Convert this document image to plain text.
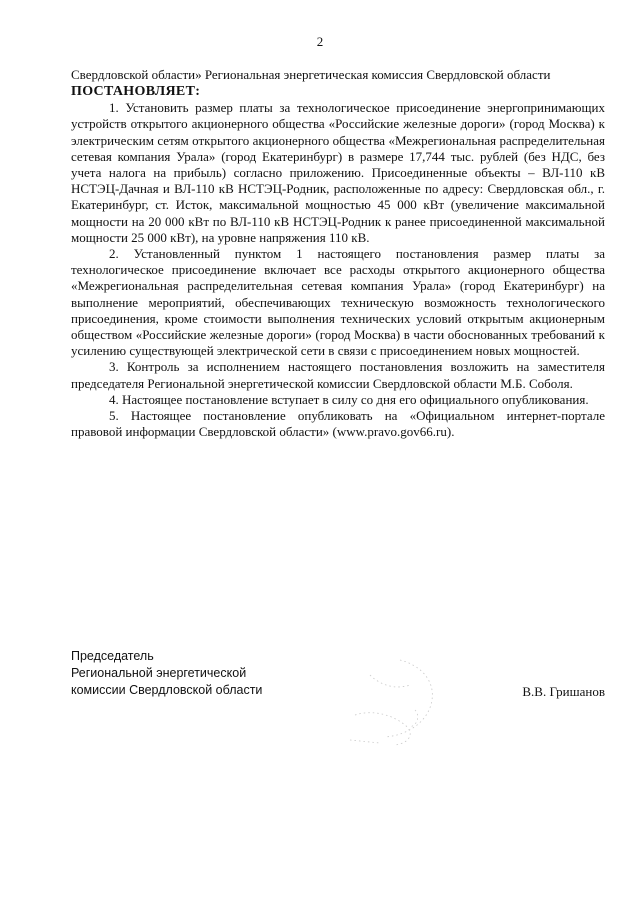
2

Свердловской области» Региональная энергетическая комиссия Свердловской области

ПОСТАНОВЛЯЕТ:

1. Установить размер платы за технологическое присоединение энергопринимающих устройств открытого акционерного общества «Российские железные дороги» (город Москва) к электрическим сетям открытого акционерного общества «Межрегиональная распределительная сетевая компания Урала» (город Екатеринбург) в размере 17,744 тыс. рублей (без НДС, без учета налога на прибыль) согласно приложению. Присоединенные объекты – ВЛ-110 кВ НСТЭЦ-Дачная и ВЛ-110 кВ НСТЭЦ-Родник, расположенные по адресу: Свердловская обл., г. Екатеринбург, ст. Исток, максимальной мощностью 45 000 кВт (увеличение максимальной мощности на 20 000 кВт по ВЛ-110 кВ НСТЭЦ-Родник к ранее присоединенной максимальной мощности 25 000 кВт), на уровне напряжения 110 кВ.

2. Установленный пунктом 1 настоящего постановления размер платы за технологическое присоединение включает все расходы открытого акционерного общества «Межрегиональная распределительная сетевая компания Урала» (город Екатеринбург) на выполнение мероприятий, обеспечивающих техническую возможность технологического присоединения, кроме стоимости выполнения технических условий открытым акционерным обществом «Российские железные дороги» (город Москва) в части обоснованных требований к усилению существующей электрической сети в связи с присоединением новых мощностей.

3. Контроль за исполнением настоящего постановления возложить на заместителя председателя Региональной энергетической комиссии Свердловской области М.Б. Соболя.

4. Настоящее постановление вступает в силу со дня его официального опубликования.

5. Настоящее постановление опубликовать на «Официальном интернет-портале правовой информации Свердловской области» (www.pravo.gov66.ru).

Председатель
Региональной энергетической
комиссии Свердловской области	В.В. Гришанов
